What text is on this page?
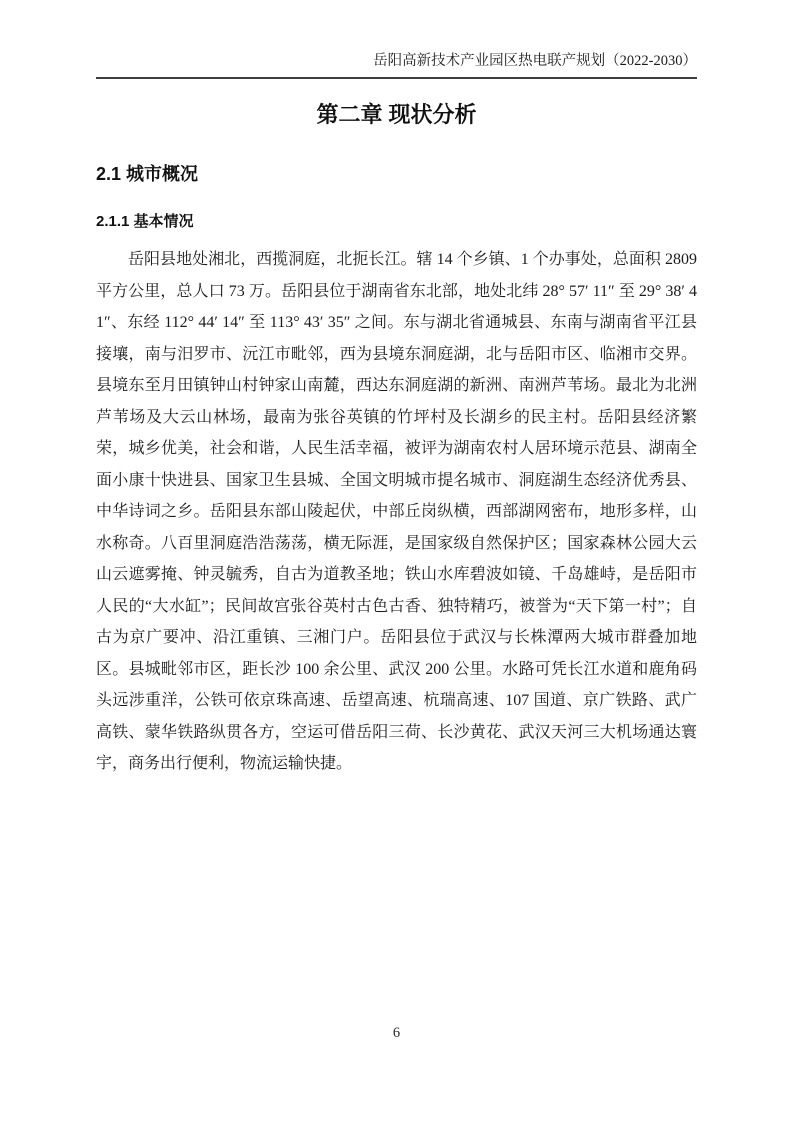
岳阳高新技术产业园区热电联产规划（2022-2030）
第二章 现状分析
2.1 城市概况
2.1.1 基本情况

岳阳县地处湘北，西揽洞庭，北扼长江。辖 14 个乡镇、1 个办事处，总面积 2809 平方公里，总人口 73 万。岳阳县位于湖南省东北部，地处北纬 28° 57′ 11″ 至 29° 38′ 41″、东经 112° 44′ 14″ 至 113° 43′ 35″ 之间。东与湖北省通城县、东南与湖南省平江县接壤，南与汨罗市、沅江市毗邻，西为县境东洞庭湖，北与岳阳市区、临湘市交界。县境东至月田镇钟山村钟家山南麓，西达东洞庭湖的新洲、南洲芦苇场。最北为北洲芦苇场及大云山林场，最南为张谷英镇的竹坪村及长湖乡的民主村。岳阳县经济繁荣，城乡优美，社会和谐，人民生活幸福，被评为湖南农村人居环境示范县、湖南全面小康十快进县、国家卫生县城、全国文明城市提名城市、洞庭湖生态经济优秀县、中华诗词之乡。岳阳县东部山陵起伏，中部丘岗纵横，西部湖网密布，地形多样，山水称奇。八百里洞庭浩浩荡荡，横无际涯，是国家级自然保护区；国家森林公园大云山云遮雾掩、钟灵毓秀，自古为道教圣地；铁山水库碧波如镜、千岛雄峙，是岳阳市人民的“大水缸”；民间故宫张谷英村古色古香、独特精巧，被誉为“天下第一村”；自古为京广要冲、沿江重镇、三湘门户。岳阳县位于武汉与长株潭两大城市群叠加地区。县城毗邻市区，距长沙 100 余公里、武汉 200 公里。水路可凭长江水道和鹿角码头远涉重洋，公铁可依京珠高速、岳望高速、杭瑞高速、107 国道、京广铁路、武广高铁、蒙华铁路纵贯各方，空运可借岳阳三荷、长沙黄花、武汉天河三大机场通达寰宇，商务出行便利，物流运输快捷。

6
